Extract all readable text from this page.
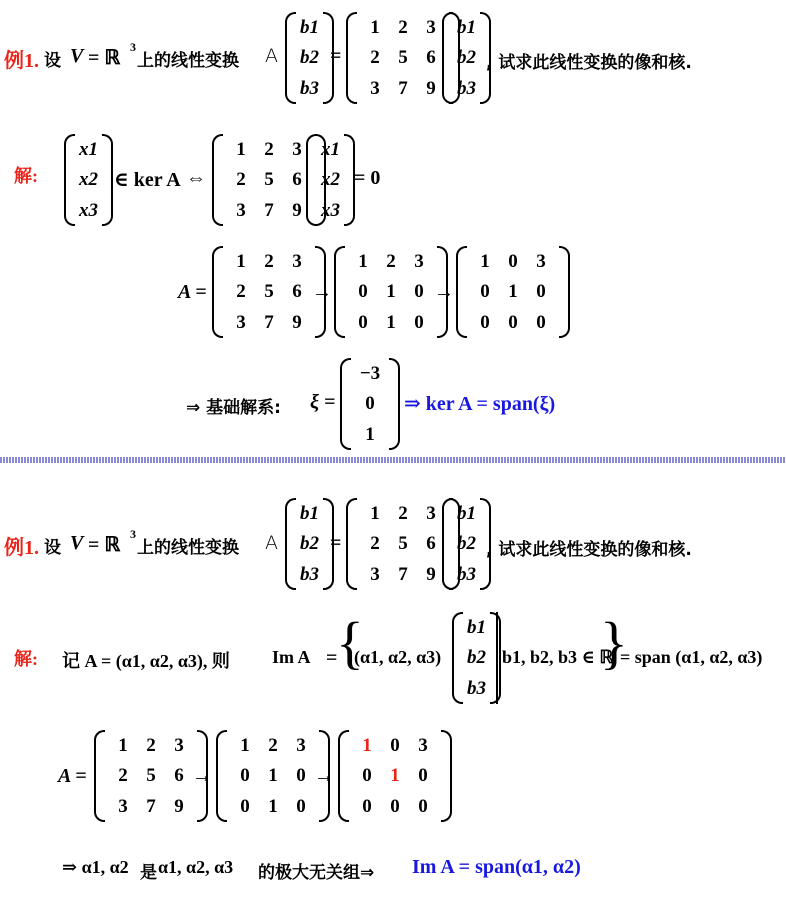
例1. 设 V = ℝ 3
上的线性变换 A
b1
b2
b3
=
1 2 3
2 5 6
3 7 9
b1
b2
b3
, 试求此线性变换的像和核.
解:
x1
x2
x3
∈ ker A ⇔
1 2 3
2 5 6
3 7 9
x1
x2
x3
= 0
A =
1 2 3
2 5 6
3 7 9
→
1 2 3
0 1 0
0 1 0
→
1 0 3
0 1 0
0 0 0
⇒ 基础解系: ξ =
−3
0
1
⇒ ker A = span(ξ)
例1. 设 V = ℝ 3
上的线性变换 A
b1
b2
b3
=
1 2 3
2 5 6
3 7 9
b1
b2
b3
, 试求此线性变换的像和核.
解: 记 A = (α1, α2, α3), 则 Im A =
{
(α1, α2, α3)
b1
b2
b3
b1, b2, b3 ∈ ℝ
}
= span (α1, α2, α3)
A =
1 2 3
2 5 6
3 7 9
→
1 2 3
0 1 0
0 1 0
→
1 0 3
0 1 0
0 0 0
⇒ α1, α2 是 α1, α2, α3 的极大无关组⇒ Im A = span(α1, α2)
